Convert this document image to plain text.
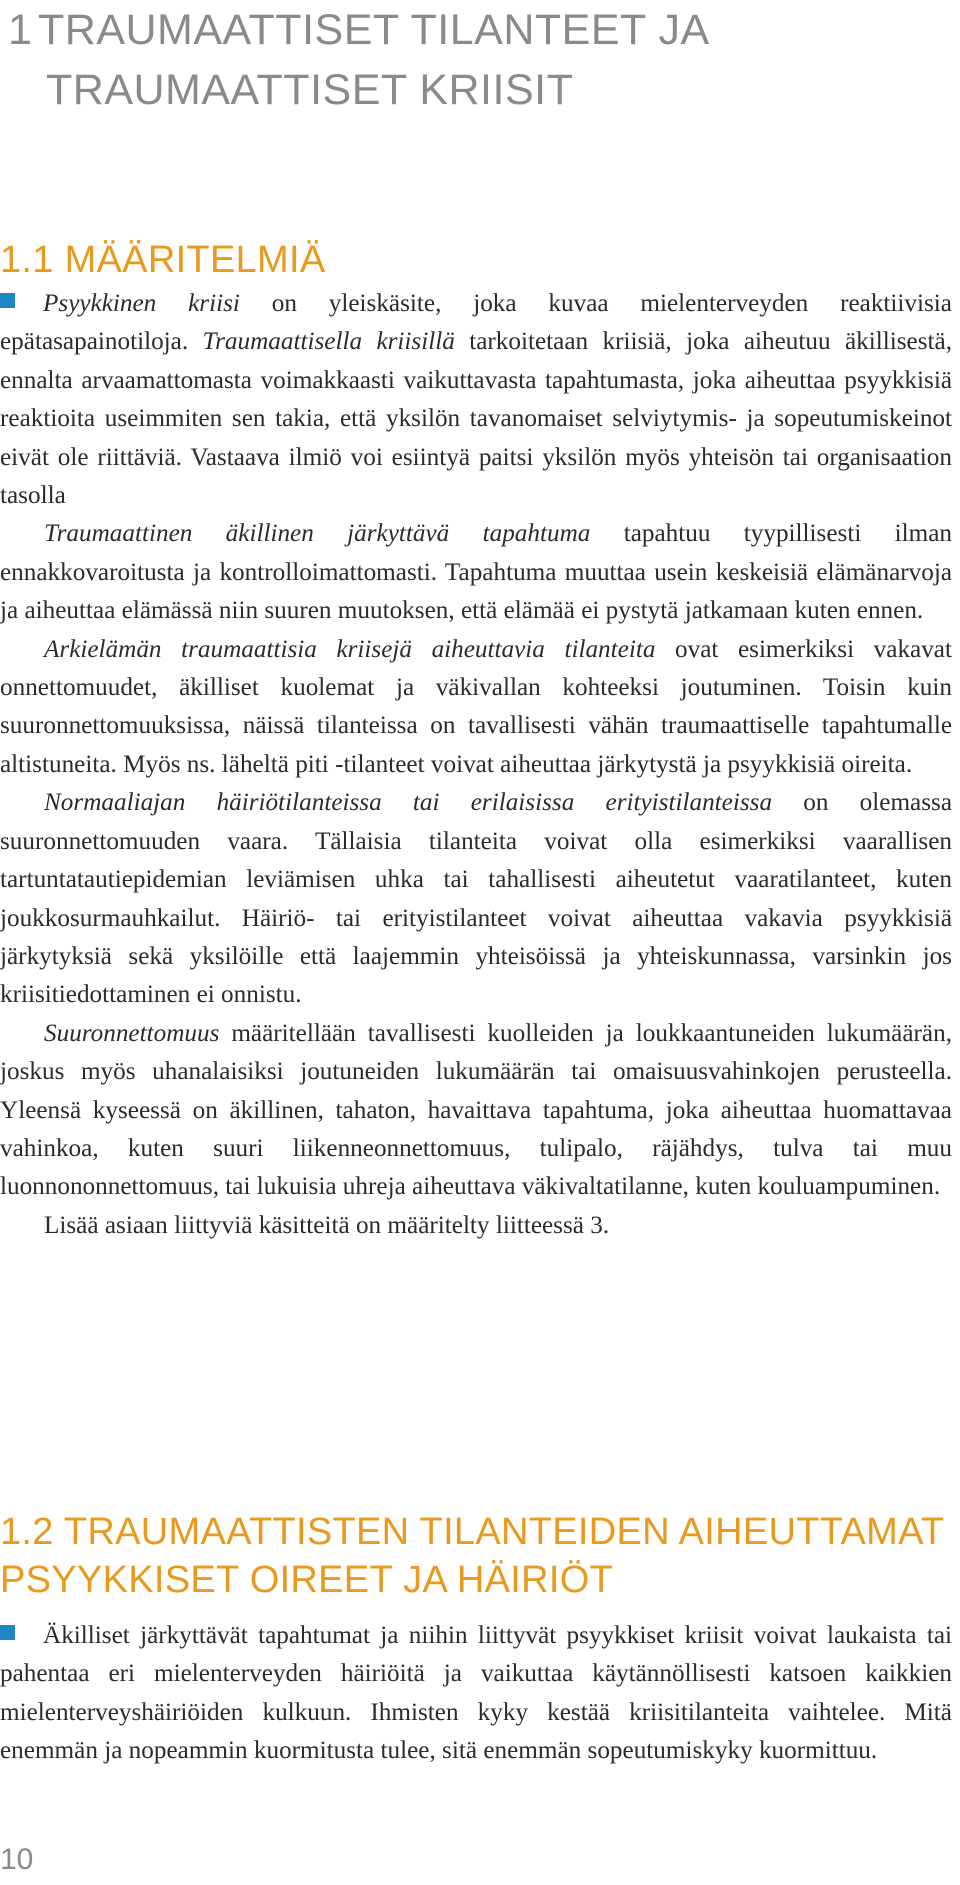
1 TRAUMAATTISET TILANTEET JA
TRAUMAATTISET KRIISIT
1.1 MÄÄRITELMIÄ

Psyykkinen kriisi on yleiskäsite, joka kuvaa mielenterveyden reaktiivisia epätasapainotiloja. Traumaattisella kriisillä tarkoitetaan kriisiä, joka aiheutuu äkillisestä, ennalta arvaamattomasta voimakkaasti vaikuttavasta tapahtumasta, joka aiheuttaa psyykkisiä reaktioita useimmiten sen takia, että yksilön tavanomaiset selviytymis- ja sopeutumiskeinot eivät ole riittäviä. Vastaava ilmiö voi esiintyä paitsi yksilön myös yhteisön tai organisaation tasolla

Traumaattinen äkillinen järkyttävä tapahtuma tapahtuu tyypillisesti ilman ennakkovaroitusta ja kontrolloimattomasti. Tapahtuma muuttaa usein keskeisiä elämänarvoja ja aiheuttaa elämässä niin suuren muutoksen, että elämää ei pystytä jatkamaan kuten ennen.

Arkielämän traumaattisia kriisejä aiheuttavia tilanteita ovat esimerkiksi vakavat onnettomuudet, äkilliset kuolemat ja väkivallan kohteeksi joutuminen. Toisin kuin suuronnettomuuksissa, näissä tilanteissa on tavallisesti vähän traumaattiselle tapahtumalle altistuneita. Myös ns. läheltä piti -tilanteet voivat aiheuttaa järkytystä ja psyykkisiä oireita.

Normaaliajan häiriötilanteissa tai erilaisissa erityistilanteissa on olemassa suuronnettomuuden vaara. Tällaisia tilanteita voivat olla esimerkiksi vaarallisen tartuntatautiepidemian leviämisen uhka tai tahallisesti aiheutetut vaaratilanteet, kuten joukkosurmauhkailut. Häiriö- tai erityistilanteet voivat aiheuttaa vakavia psyykkisiä järkytyksiä sekä yksilöille että laajemmin yhteisöissä ja yhteiskunnassa, varsinkin jos kriisitiedottaminen ei onnistu.

Suuronnettomuus määritellään tavallisesti kuolleiden ja loukkaantuneiden lukumäärän, joskus myös uhanalaisiksi joutuneiden lukumäärän tai omaisuusvahinkojen perusteella. Yleensä kyseessä on äkillinen, tahaton, havaittava tapahtuma, joka aiheuttaa huomattavaa vahinkoa, kuten suuri liikenneonnettomuus, tulipalo, räjähdys, tulva tai muu luonnononnettomuus, tai lukuisia uhreja aiheuttava väkivaltatilanne, kuten kouluampuminen.

Lisää asiaan liittyviä käsitteitä on määritelty liitteessä 3.

1.2 TRAUMAATTISTEN TILANTEIDEN AIHEUTTAMAT
PSYYKKISET OIREET JA HÄIRIÖT

Äkilliset järkyttävät tapahtumat ja niihin liittyvät psyykkiset kriisit voivat laukaista tai pahentaa eri mielenterveyden häiriöitä ja vaikuttaa käytännöllisesti katsoen kaikkien mielenterveyshäiriöiden kulkuun. Ihmisten kyky kestää kriisitilanteita vaihtelee. Mitä enemmän ja nopeammin kuormitusta tulee, sitä enemmän sopeutumiskyky kuormittuu.

10
